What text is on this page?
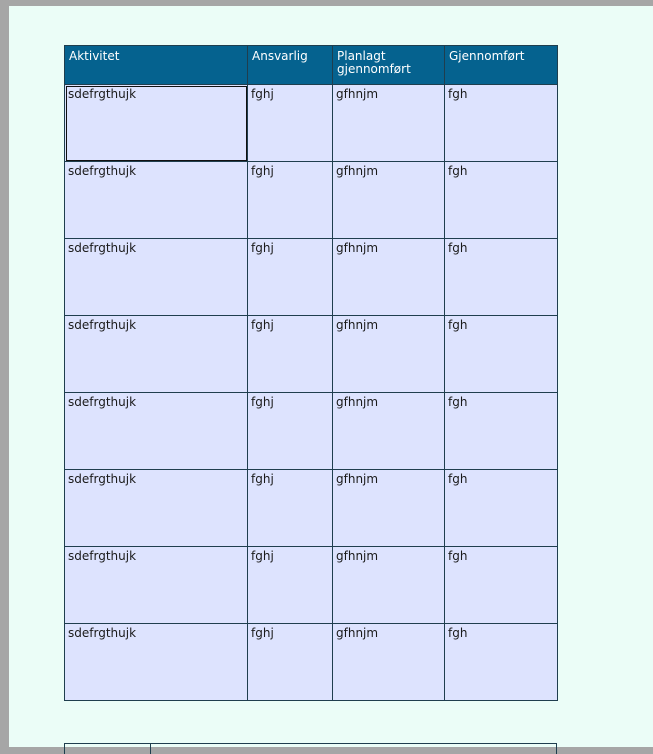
Aktivitet	Ansvarlig	Planlagt gjennomført	Gjennomført
sdefrgthujk	fghj	gfhnjm	fgh
sdefrgthujk	fghj	gfhnjm	fgh
sdefrgthujk	fghj	gfhnjm	fgh
sdefrgthujk	fghj	gfhnjm	fgh
sdefrgthujk	fghj	gfhnjm	fgh
sdefrgthujk	fghj	gfhnjm	fgh
sdefrgthujk	fghj	gfhnjm	fgh
sdefrgthujk	fghj	gfhnjm	fgh
